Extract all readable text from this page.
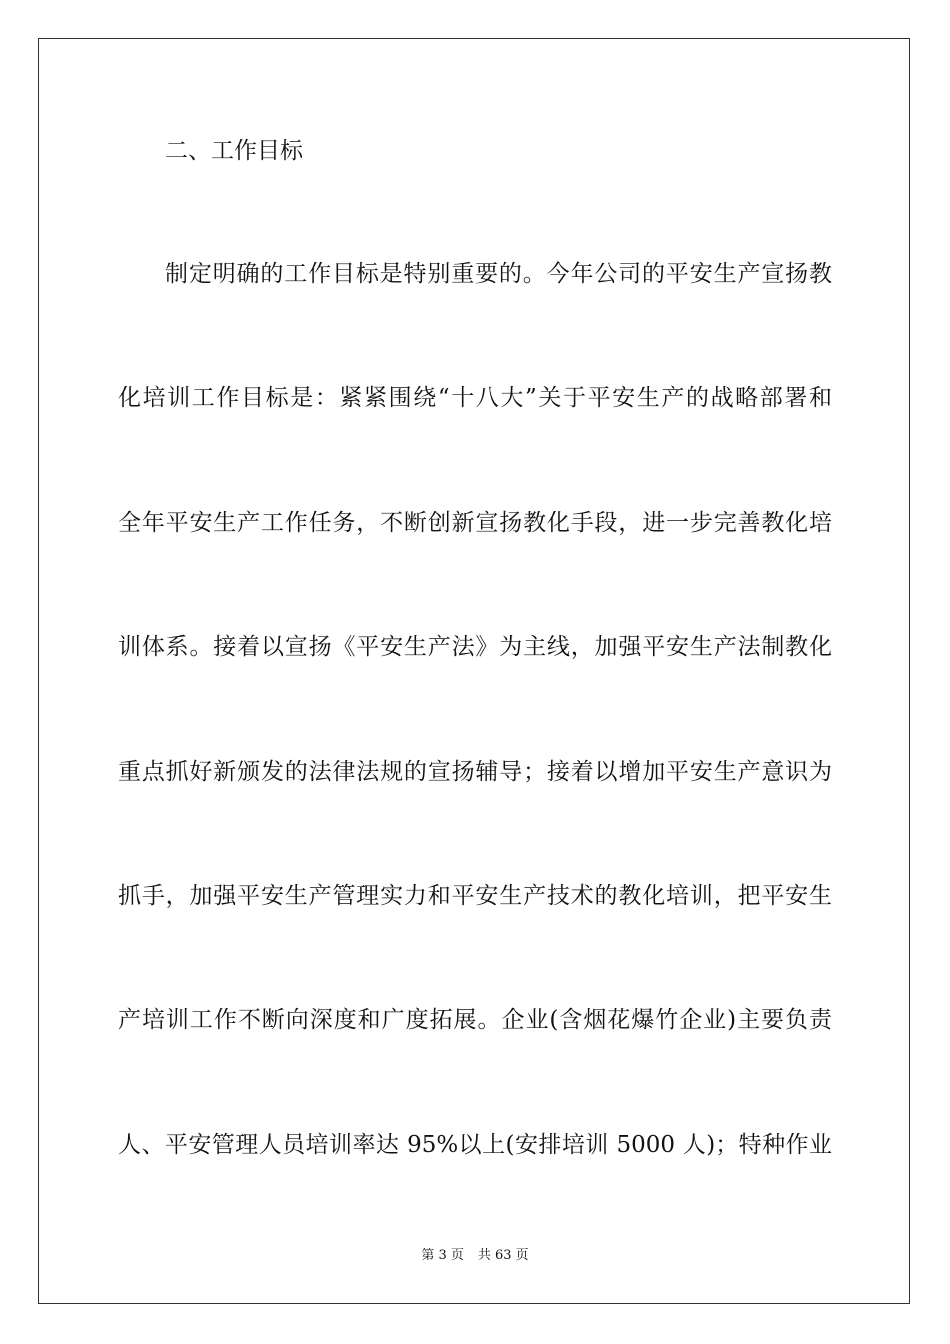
二、工作目标
制定明确的工作目标是特别重要的。今年公司的平安生产宣扬教
化培训工作目标是：紧紧围绕“十八大”关于平安生产的战略部署和
全年平安生产工作任务，不断创新宣扬教化手段，进一步完善教化培
训体系。接着以宣扬《平安生产法》为主线，加强平安生产法制教化
重点抓好新颁发的法律法规的宣扬辅导；接着以增加平安生产意识为
抓手，加强平安生产管理实力和平安生产技术的教化培训，把平安生
产培训工作不断向深度和广度拓展。企业(含烟花爆竹企业)主要负责
人、平安管理人员培训率达 95%以上(安排培训 5000 人)；特种作业
第 3 页 共 63 页
